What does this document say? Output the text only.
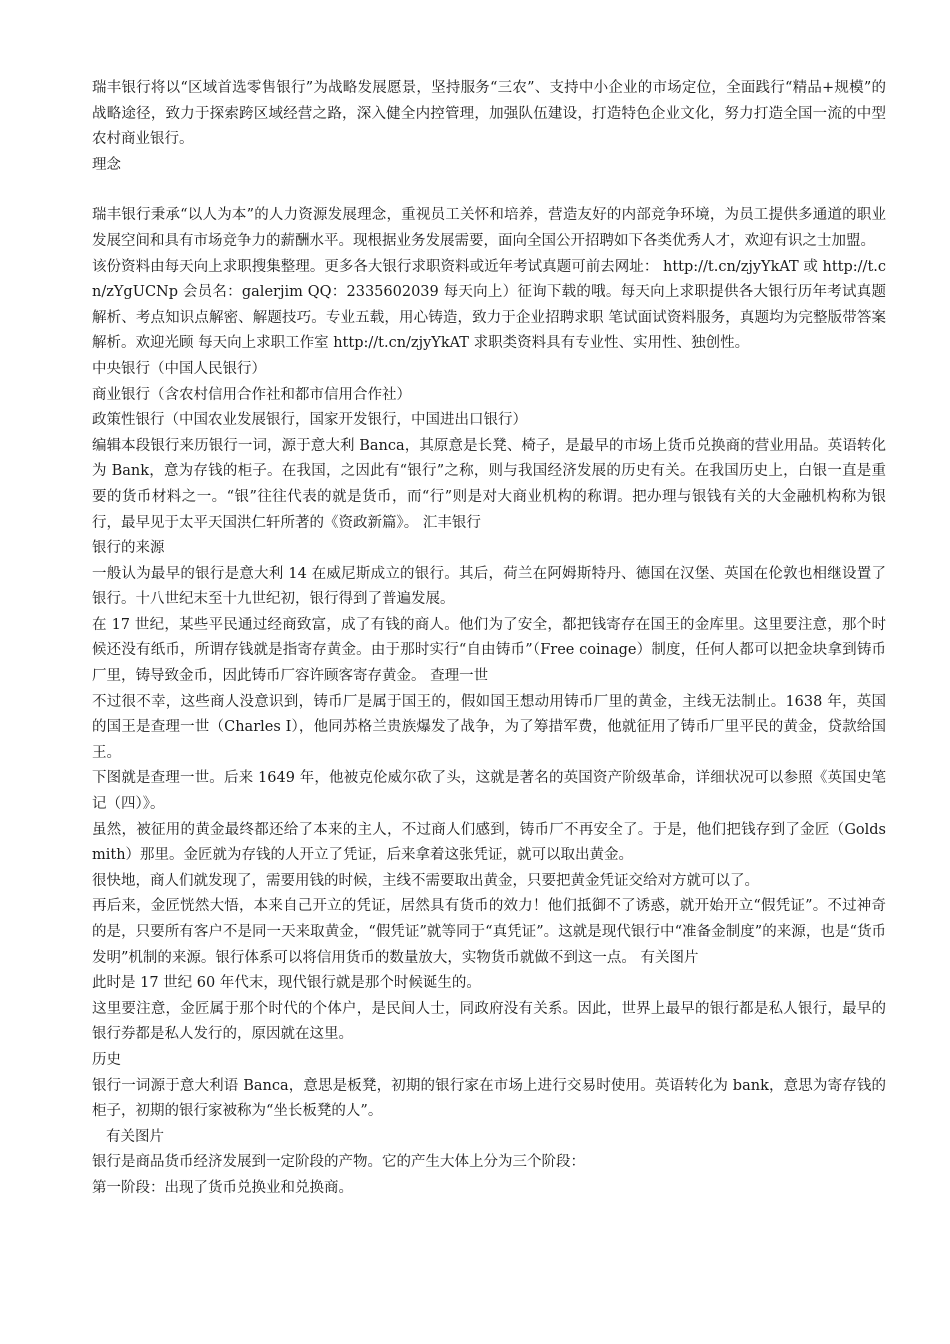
瑞丰银行将以“区域首选零售银行”为战略发展愿景，坚持服务“三农”、支持中小企业的市场定位，全面践行“精品+规模”的战略途径，致力于探索跨区域经营之路，深入健全内控管理，加强队伍建设，打造特色企业文化，努力打造全国一流的中型农村商业银行。

理念

瑞丰银行秉承“以人为本”的人力资源发展理念，重视员工关怀和培养，营造友好的内部竞争环境，为员工提供多通道的职业发展空间和具有市场竞争力的薪酬水平。现根据业务发展需要，面向全国公开招聘如下各类优秀人才，欢迎有识之士加盟。

该份资料由每天向上求职搜集整理。更多各大银行求职资料或近年考试真题可前去网址： http://t.cn/zjyYkAT 或 http://t.cn/zYgUCNp 会员名：galerjim QQ：2335602039 每天向上）征询下载的哦。每天向上求职提供各大银行历年考试真题解析、考点知识点解密、解题技巧。专业五载，用心铸造，致力于企业招聘求职 笔试面试资料服务，真题均为完整版带答案解析。欢迎光顾 每天向上求职工作室 http://t.cn/zjyYkAT 求职类资料具有专业性、实用性、独创性。

中央银行（中国人民银行）

商业银行（含农村信用合作社和都市信用合作社）

政策性银行（中国农业发展银行，国家开发银行，中国进出口银行）

编辑本段银行来历银行一词，源于意大利 Banca，其原意是长凳、椅子，是最早的市场上货币兑换商的营业用品。英语转化为 Bank，意为存钱的柜子。在我国，之因此有“银行”之称，则与我国经济发展的历史有关。在我国历史上，白银一直是重要的货币材料之一。“银”往往代表的就是货币，而“行”则是对大商业机构的称谓。把办理与银钱有关的大金融机构称为银行，最早见于太平天国洪仁轩所著的《资政新篇》。 汇丰银行

银行的来源

一般认为最早的银行是意大利 14 在威尼斯成立的银行。其后，荷兰在阿姆斯特丹、德国在汉堡、英国在伦敦也相继设置了银行。十八世纪末至十九世纪初，银行得到了普遍发展。

在 17 世纪，某些平民通过经商致富，成了有钱的商人。他们为了安全，都把钱寄存在国王的金库里。这里要注意，那个时候还没有纸币，所谓存钱就是指寄存黄金。由于那时实行“自由铸币”（Free coinage）制度，任何人都可以把金块拿到铸币厂里，铸导致金币，因此铸币厂容许顾客寄存黄金。 查理一世

不过很不幸，这些商人没意识到，铸币厂是属于国王的，假如国王想动用铸币厂里的黄金，主线无法制止。1638 年，英国的国王是查理一世（Charles I），他同苏格兰贵族爆发了战争，为了筹措军费，他就征用了铸币厂里平民的黄金，贷款给国王。

下图就是查理一世。后来 1649 年，他被克伦威尔砍了头，这就是著名的英国资产阶级革命，详细状况可以参照《英国史笔记（四）》。

虽然，被征用的黄金最终都还给了本来的主人，不过商人们感到，铸币厂不再安全了。于是，他们把钱存到了金匠（Goldsmith）那里。金匠就为存钱的人开立了凭证，后来拿着这张凭证，就可以取出黄金。

很快地，商人们就发现了，需要用钱的时候，主线不需要取出黄金，只要把黄金凭证交给对方就可以了。

再后来，金匠恍然大悟，本来自己开立的凭证，居然具有货币的效力！他们抵御不了诱惑，就开始开立“假凭证”。不过神奇的是，只要所有客户不是同一天来取黄金，“假凭证”就等同于“真凭证”。这就是现代银行中“准备金制度”的来源，也是“货币发明”机制的来源。银行体系可以将信用货币的数量放大，实物货币就做不到这一点。 有关图片

此时是 17 世纪 60 年代末，现代银行就是那个时候诞生的。

这里要注意，金匠属于那个时代的个体户，是民间人士，同政府没有关系。因此，世界上最早的银行都是私人银行，最早的银行券都是私人发行的，原因就在这里。

历史

银行一词源于意大利语 Banca，意思是板凳，初期的银行家在市场上进行交易时使用。英语转化为 bank，意思为寄存钱的柜子，初期的银行家被称为“坐长板凳的人”。

有关图片

银行是商品货币经济发展到一定阶段的产物。它的产生大体上分为三个阶段：

第一阶段：出现了货币兑换业和兑换商。
